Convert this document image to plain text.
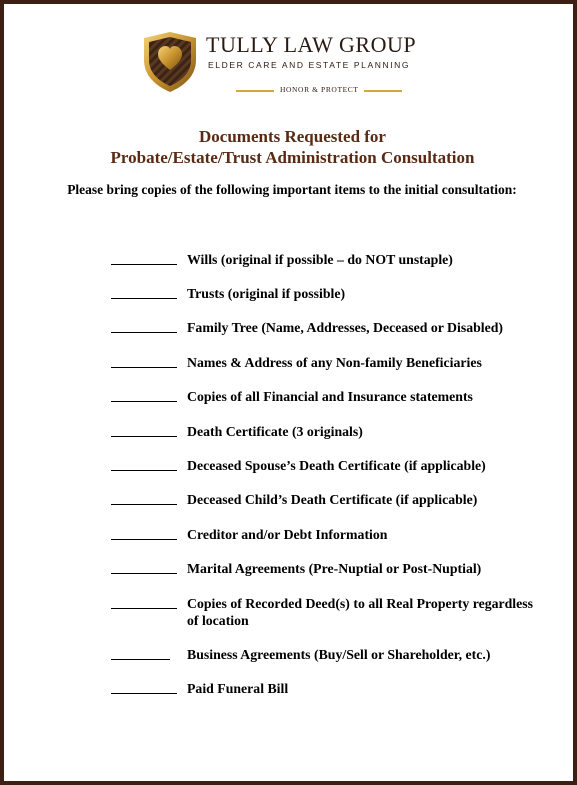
TULLY LAW GROUP
ELDER CARE AND ESTATE PLANNING
HONOR & PROTECT
Documents Requested for
Probate/Estate/Trust Administration Consultation
Please bring copies of the following important items to the initial consultation:
Wills (original if possible – do NOT unstaple)
Trusts (original if possible)
Family Tree (Name, Addresses, Deceased or Disabled)
Names & Address of any Non-family Beneficiaries
Copies of all Financial and Insurance statements
Death Certificate (3 originals)
Deceased Spouse’s Death Certificate (if applicable)
Deceased Child’s Death Certificate (if applicable)
Creditor and/or Debt Information
Marital Agreements (Pre-Nuptial or Post-Nuptial)
Copies of Recorded Deed(s) to all Real Property regardless of location
Business Agreements (Buy/Sell or Shareholder, etc.)
Paid Funeral Bill
